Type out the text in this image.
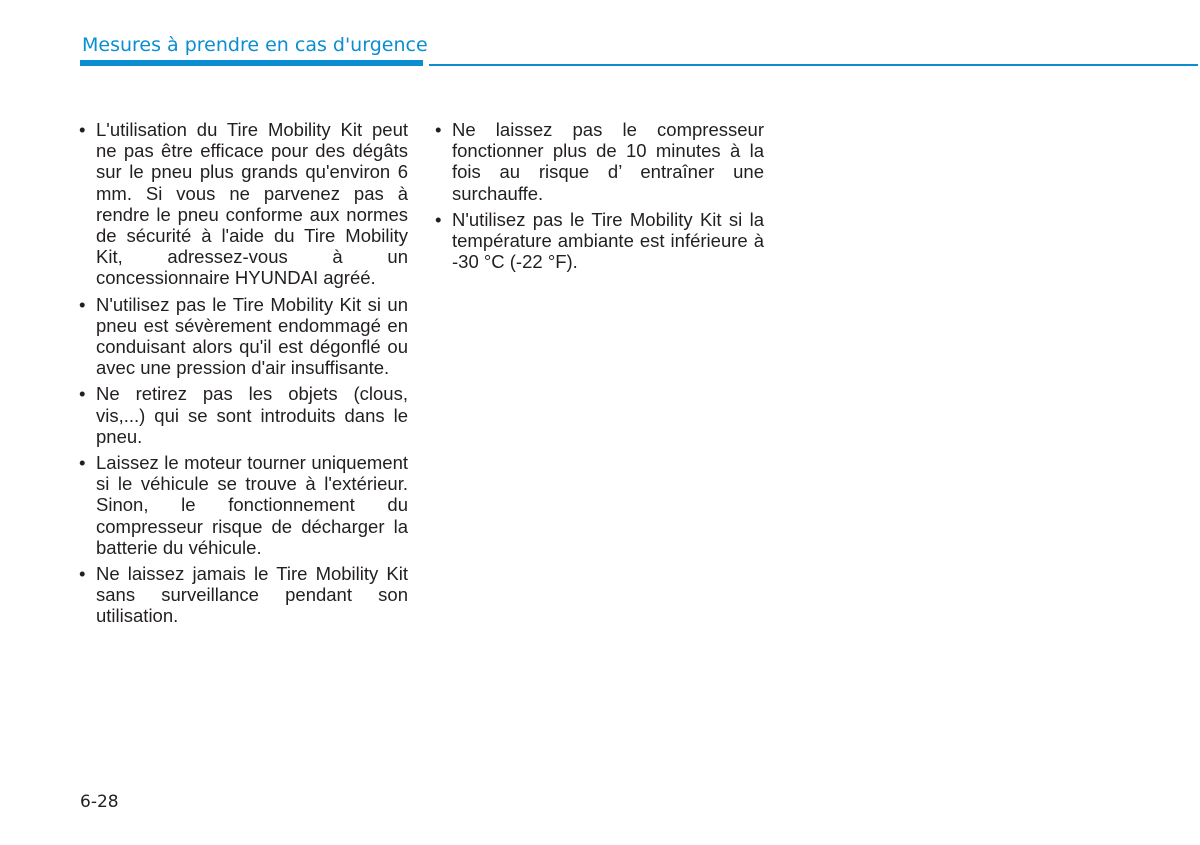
Mesures à prendre en cas d'urgence
• L'utilisation du Tire Mobility Kit peut ne pas être efficace pour des dégâts sur le pneu plus grands qu'environ 6 mm. Si vous ne parvenez pas à rendre le pneu conforme aux normes de sécurité à l'aide du Tire Mobility Kit, adressez-vous à un concessionnaire HYUNDAI agréé.
• N'utilisez pas le Tire Mobility Kit si un pneu est sévèrement endommagé en conduisant alors qu'il est dégonflé ou avec une pression d'air insuffisante.
• Ne retirez pas les objets (clous, vis,...) qui se sont introduits dans le pneu.
• Laissez le moteur tourner uniquement si le véhicule se trouve à l'extérieur. Sinon, le fonctionnement du compresseur risque de décharger la batterie du véhicule.
• Ne laissez jamais le Tire Mobility Kit sans surveillance pendant son utilisation.
• Ne laissez pas le compresseur fonctionner plus de 10 minutes à la fois au risque d’ entraîner une surchauffe.
• N'utilisez pas le Tire Mobility Kit si la température ambiante est inférieure à -30 °C (-22 °F).
6-28
